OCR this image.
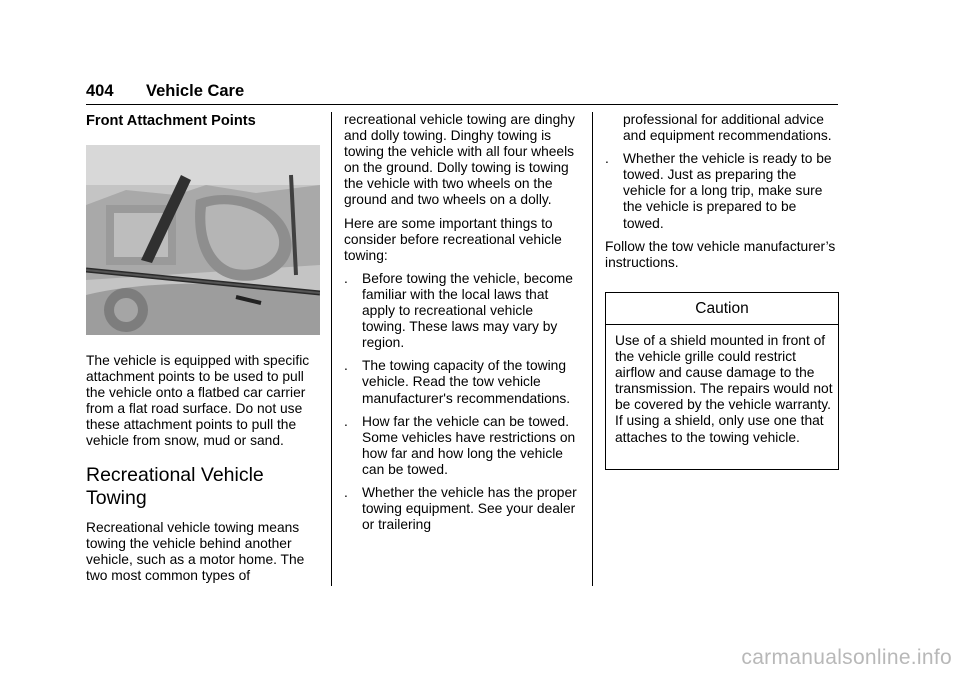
404 Vehicle Care

Front Attachment Points

The vehicle is equipped with specific attachment points to be used to pull the vehicle onto a flatbed car carrier from a flat road surface. Do not use these attachment points to pull the vehicle from snow, mud or sand.

Recreational Vehicle

Towing

Recreational vehicle towing means towing the vehicle behind another vehicle, such as a motor home. The two most common types of

recreational vehicle towing are dinghy and dolly towing. Dinghy towing is towing the vehicle with all four wheels on the ground. Dolly towing is towing the vehicle with two wheels on the ground and two wheels on a dolly.

Here are some important things to consider before recreational vehicle towing:

. Before towing the vehicle, become familiar with the local laws that apply to recreational vehicle towing. These laws may vary by region.
. The towing capacity of the towing vehicle. Read the tow vehicle manufacturer's recommendations.
. How far the vehicle can be towed. Some vehicles have restrictions on how far and how long the vehicle can be towed.
. Whether the vehicle has the proper towing equipment. See your dealer or trailering
professional for additional advice and equipment recommendations.
. Whether the vehicle is ready to be towed. Just as preparing the vehicle for a long trip, make sure the vehicle is prepared to be towed.

Follow the tow vehicle manufacturer’s instructions.

Caution
Use of a shield mounted in front of the vehicle grille could restrict airflow and cause damage to the transmission. The repairs would not be covered by the vehicle warranty. If using a shield, only use one that attaches to the towing vehicle.
carmanualsonline.info
